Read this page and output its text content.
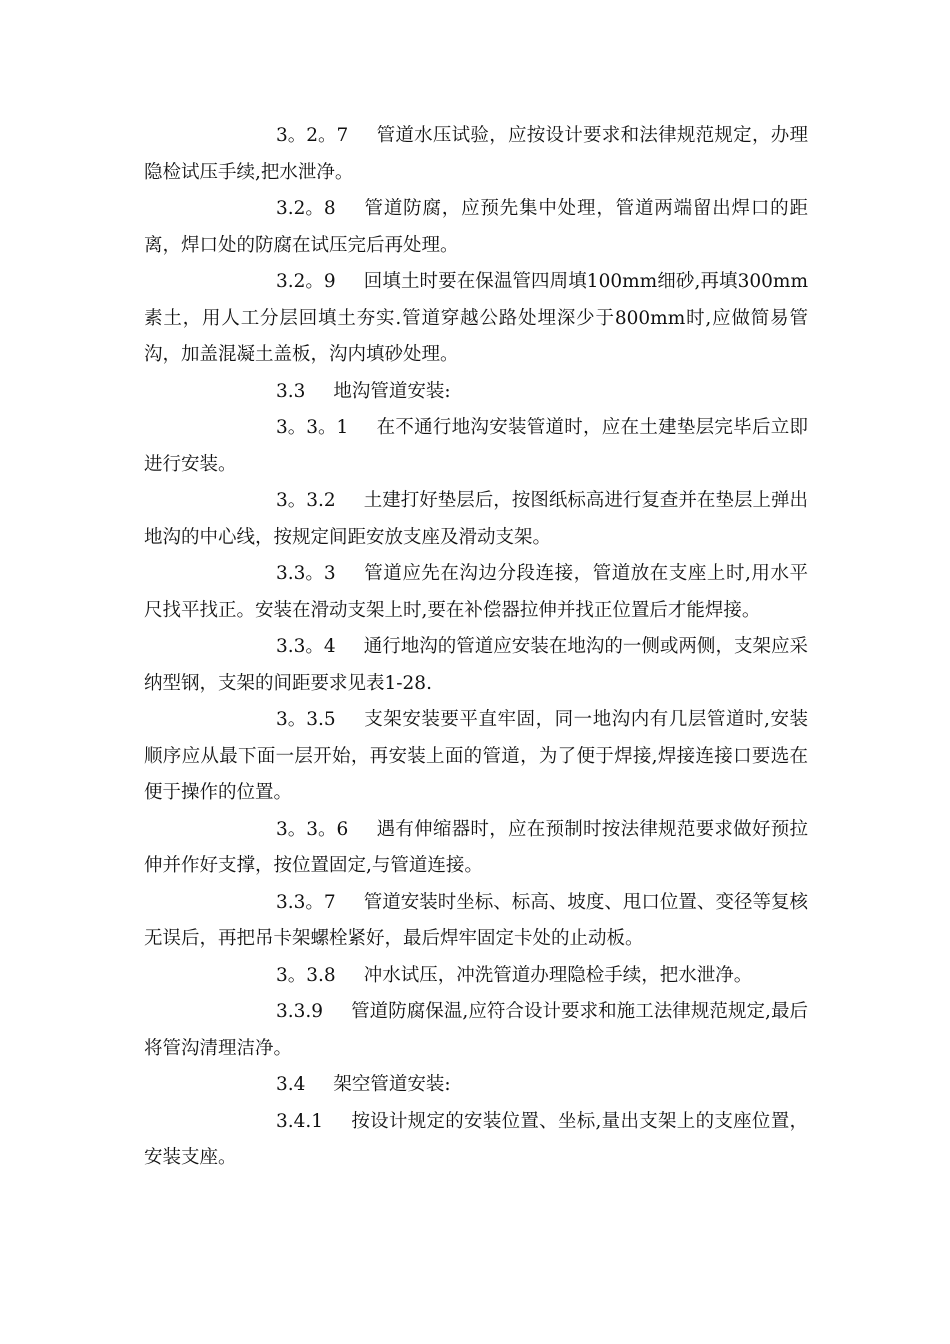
3。2。7 管道水压试验，应按设计要求和法律规范规定，办理隐检试压手续,把水泄净。

3.2。8 管道防腐，应预先集中处理，管道两端留出焊口的距离，焊口处的防腐在试压完后再处理。

3.2。9 回填土时要在保温管四周填100mm细砂,再填300mm素土，用人工分层回填土夯实.管道穿越公路处埋深少于800mm时,应做简易管沟，加盖混凝土盖板，沟内填砂处理。

3.3 地沟管道安装:

3。3。1 在不通行地沟安装管道时，应在土建垫层完毕后立即进行安装。

3。3.2 土建打好垫层后，按图纸标高进行复查并在垫层上弹出地沟的中心线，按规定间距安放支座及滑动支架。

3.3。3 管道应先在沟边分段连接，管道放在支座上时,用水平尺找平找正。安装在滑动支架上时,要在补偿器拉伸并找正位置后才能焊接。

3.3。4 通行地沟的管道应安装在地沟的一侧或两侧，支架应采纳型钢，支架的间距要求见表1-28.

3。3.5 支架安装要平直牢固，同一地沟内有几层管道时,安装顺序应从最下面一层开始，再安装上面的管道，为了便于焊接,焊接连接口要选在便于操作的位置。

3。3。6 遇有伸缩器时，应在预制时按法律规范要求做好预拉伸并作好支撑，按位置固定,与管道连接。

3.3。7 管道安装时坐标、标高、坡度、甩口位置、变径等复核无误后，再把吊卡架螺栓紧好，最后焊牢固定卡处的止动板。

3。3.8 冲水试压，冲洗管道办理隐检手续，把水泄净。

3.3.9 管道防腐保温,应符合设计要求和施工法律规范规定,最后将管沟清理洁净。

3.4 架空管道安装:

3.4.1 按设计规定的安装位置、坐标,量出支架上的支座位置，安装支座。
